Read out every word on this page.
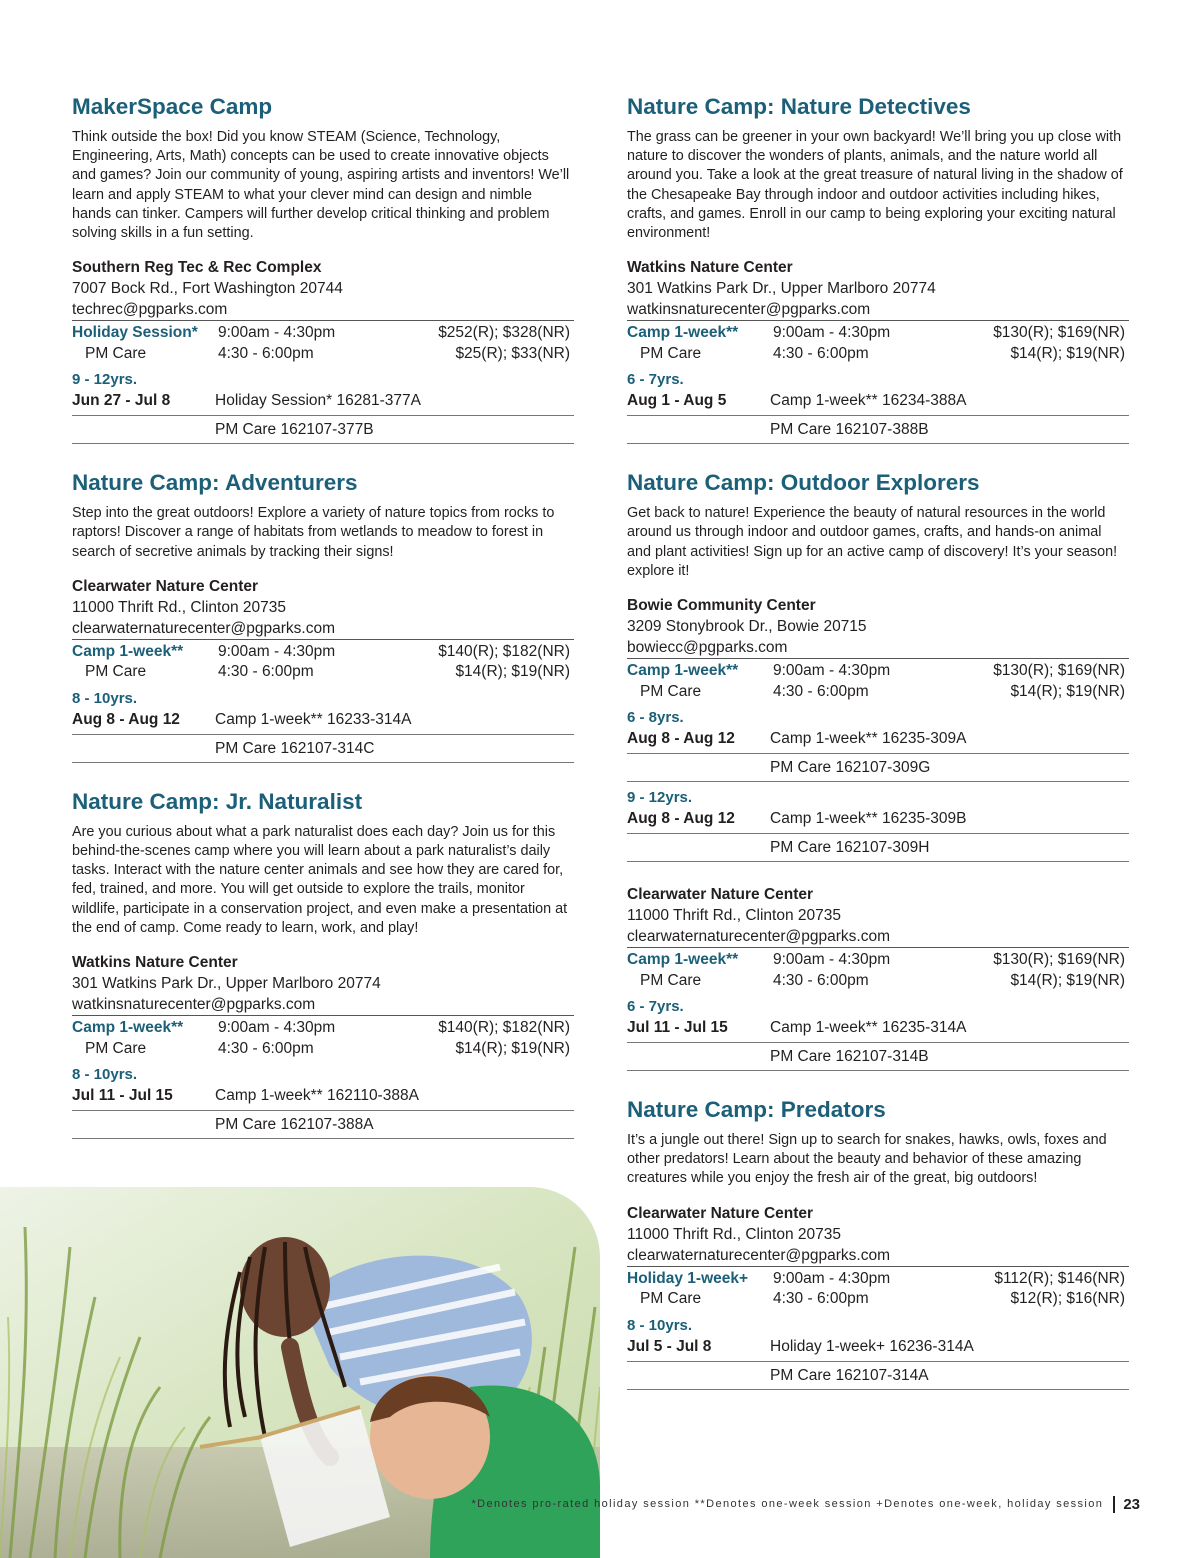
MakerSpace Camp

Think outside the box! Did you know STEAM (Science, Technology, Engineering, Arts, Math) concepts can be used to create innovative objects and games? Join our community of young, aspiring artists and inventors! We’ll learn and apply STEAM to what your clever mind can design and nimble hands can tinker. Campers will further develop critical thinking and problem solving skills in a fun setting.

Southern Reg Tec & Rec Complex
7007 Bock Rd., Fort Washington 20744
techrec@pgparks.com
Holiday Session*	9:00am - 4:30pm	$252(R); $328(NR)
PM Care	4:30 - 6:00pm	$25(R); $33(NR)
9 - 12yrs.
Jun 27 - Jul 8	Holiday Session* 16281-377A
PM Care 162107-377B
Nature Camp: Adventurers

Step into the great outdoors! Explore a variety of nature topics from rocks to raptors! Discover a range of habitats from wetlands to meadow to forest in search of secretive animals by tracking their signs!

Clearwater Nature Center
11000 Thrift Rd., Clinton 20735
clearwaternaturecenter@pgparks.com
Camp 1-week**	9:00am - 4:30pm	$140(R); $182(NR)
PM Care	4:30 - 6:00pm	$14(R); $19(NR)
8 - 10yrs.
Aug 8 - Aug 12	Camp 1-week** 16233-314A
PM Care 162107-314C
Nature Camp: Jr. Naturalist

Are you curious about what a park naturalist does each day? Join us for this behind-the-scenes camp where you will learn about a park naturalist’s daily tasks. Interact with the nature center animals and see how they are cared for, fed, trained, and more. You will get outside to explore the trails, monitor wildlife, participate in a conservation project, and even make a presentation at the end of camp. Come ready to learn, work, and play!

Watkins Nature Center
301 Watkins Park Dr., Upper Marlboro 20774
watkinsnaturecenter@pgparks.com
Camp 1-week**	9:00am - 4:30pm	$140(R); $182(NR)
PM Care	4:30 - 6:00pm	$14(R); $19(NR)
8 - 10yrs.
Jul 11 - Jul 15	Camp 1-week** 162110-388A
PM Care 162107-388A
Nature Camp: Nature Detectives

The grass can be greener in your own backyard! We’ll bring you up close with nature to discover the wonders of plants, animals, and the nature world all around you. Take a look at the great treasure of natural living in the shadow of the Chesapeake Bay through indoor and outdoor activities including hikes, crafts, and games. Enroll in our camp to being exploring your exciting natural environment!

Watkins Nature Center
301 Watkins Park Dr., Upper Marlboro 20774
watkinsnaturecenter@pgparks.com
Camp 1-week**	9:00am - 4:30pm	$130(R); $169(NR)
PM Care	4:30 - 6:00pm	$14(R); $19(NR)
6 - 7yrs.
Aug 1 - Aug 5	Camp 1-week** 16234-388A
PM Care 162107-388B
Nature Camp: Outdoor Explorers

Get back to nature! Experience the beauty of natural resources in the world around us through indoor and outdoor games, crafts, and hands-on animal and plant activities! Sign up for an active camp of discovery! It’s your season! explore it!

Bowie Community Center
3209 Stonybrook Dr., Bowie 20715
bowiecc@pgparks.com
Camp 1-week**	9:00am - 4:30pm	$130(R); $169(NR)
PM Care	4:30 - 6:00pm	$14(R); $19(NR)
6 - 8yrs.
Aug 8 - Aug 12	Camp 1-week** 16235-309A
PM Care 162107-309G
9 - 12yrs.
Aug 8 - Aug 12	Camp 1-week** 16235-309B
PM Care 162107-309H
Clearwater Nature Center
11000 Thrift Rd., Clinton 20735
clearwaternaturecenter@pgparks.com
Camp 1-week**	9:00am - 4:30pm	$130(R); $169(NR)
PM Care	4:30 - 6:00pm	$14(R); $19(NR)
6 - 7yrs.
Jul 11 - Jul 15	Camp 1-week** 16235-314A
PM Care 162107-314B
Nature Camp: Predators

It’s a jungle out there! Sign up to search for snakes, hawks, owls, foxes and other predators! Learn about the beauty and behavior of these amazing creatures while you enjoy the fresh air of the great, big outdoors!

Clearwater Nature Center
11000 Thrift Rd., Clinton 20735
clearwaternaturecenter@pgparks.com
Holiday 1-week+	9:00am - 4:30pm	$112(R); $146(NR)
PM Care	4:30 - 6:00pm	$12(R); $16(NR)
8 - 10yrs.
Jul 5 - Jul 8	Holiday 1-week+ 16236-314A
PM Care 162107-314A
*Denotes pro-rated holiday session **Denotes one-week session +Denotes one-week, holiday session 23
